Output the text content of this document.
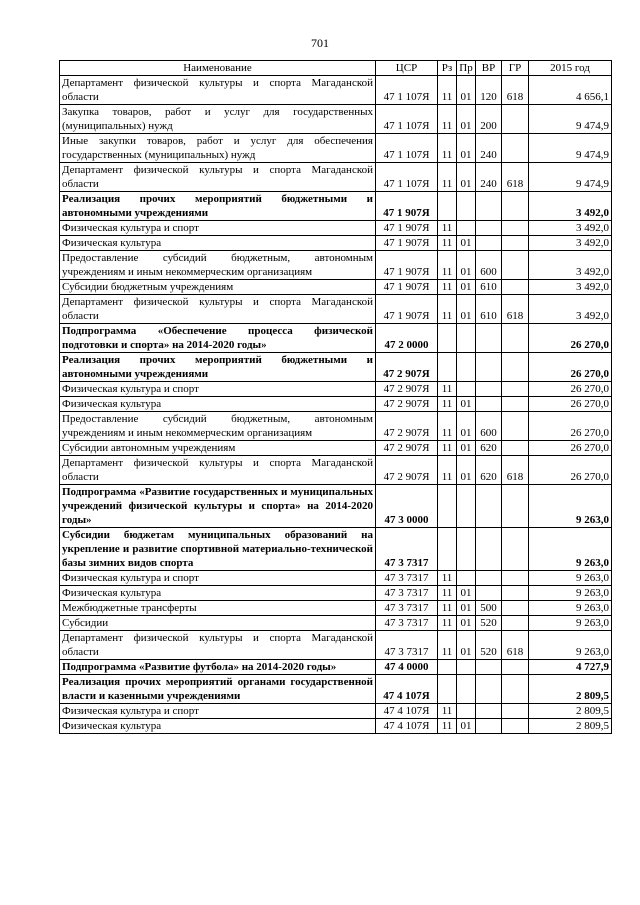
701
Наименование	ЦСР	Рз	Пр	ВР	ГР	2015 год
Департамент физической культуры и спорта Магаданской области	47 1 107Я	11	01	120	618	4 656,1
Закупка товаров, работ и услуг для государственных (муниципальных) нужд	47 1 107Я	11	01	200		9 474,9
Иные закупки товаров, работ и услуг для обеспечения государственных (муниципальных) нужд	47 1 107Я	11	01	240		9 474,9
Департамент физической культуры и спорта Магаданской области	47 1 107Я	11	01	240	618	9 474,9
Реализация прочих мероприятий бюджетными и автономными учреждениями	47 1 907Я					3 492,0
Физическая культура и спорт	47 1 907Я	11				3 492,0
Физическая культура	47 1 907Я	11	01			3 492,0
Предоставление субсидий бюджетным, автономным учреждениям и иным некоммерческим организациям	47 1 907Я	11	01	600		3 492,0
Субсидии бюджетным учреждениям	47 1 907Я	11	01	610		3 492,0
Департамент физической культуры и спорта Магаданской области	47 1 907Я	11	01	610	618	3 492,0
Подпрограмма «Обеспечение процесса физической подготовки и спорта» на 2014-2020 годы»	47 2 0000					26 270,0
Реализация прочих мероприятий бюджетными и автономными учреждениями	47 2 907Я					26 270,0
Физическая культура и спорт	47 2 907Я	11				26 270,0
Физическая культура	47 2 907Я	11	01			26 270,0
Предоставление субсидий бюджетным, автономным учреждениям и иным некоммерческим организациям	47 2 907Я	11	01	600		26 270,0
Субсидии автономным учреждениям	47 2 907Я	11	01	620		26 270,0
Департамент физической культуры и спорта Магаданской области	47 2 907Я	11	01	620	618	26 270,0
Подпрограмма «Развитие государственных и муниципальных учреждений физической культуры и спорта» на 2014-2020 годы»	47 3 0000					9 263,0
Субсидии бюджетам муниципальных образований на укрепление и развитие спортивной материально-технической базы зимних видов спорта	47 3 7317					9 263,0
Физическая культура и спорт	47 3 7317	11				9 263,0
Физическая культура	47 3 7317	11	01			9 263,0
Межбюджетные трансферты	47 3 7317	11	01	500		9 263,0
Субсидии	47 3 7317	11	01	520		9 263,0
Департамент физической культуры и спорта Магаданской области	47 3 7317	11	01	520	618	9 263,0
Подпрограмма «Развитие футбола» на 2014-2020 годы»	47 4 0000					4 727,9
Реализация прочих мероприятий органами государственной власти и казенными учреждениями	47 4 107Я					2 809,5
Физическая культура и спорт	47 4 107Я	11				2 809,5
Физическая культура	47 4 107Я	11	01			2 809,5
